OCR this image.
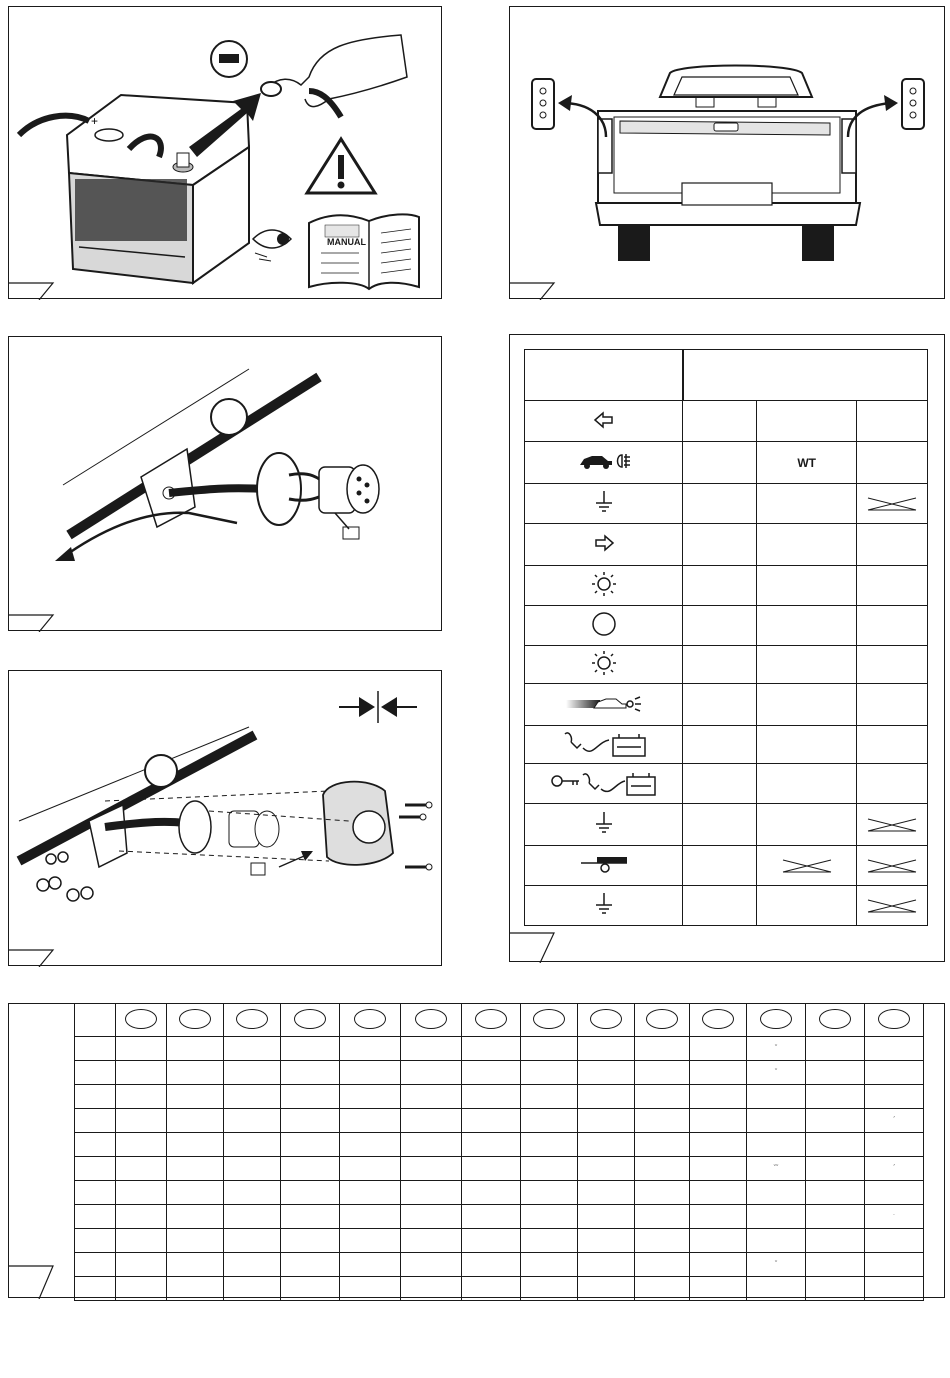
+
MANUAL

		WT	

												ˇ		
												ˇ		

														ˊ

												ˇˇ		ˊ

														ˑ

												ˇ		
